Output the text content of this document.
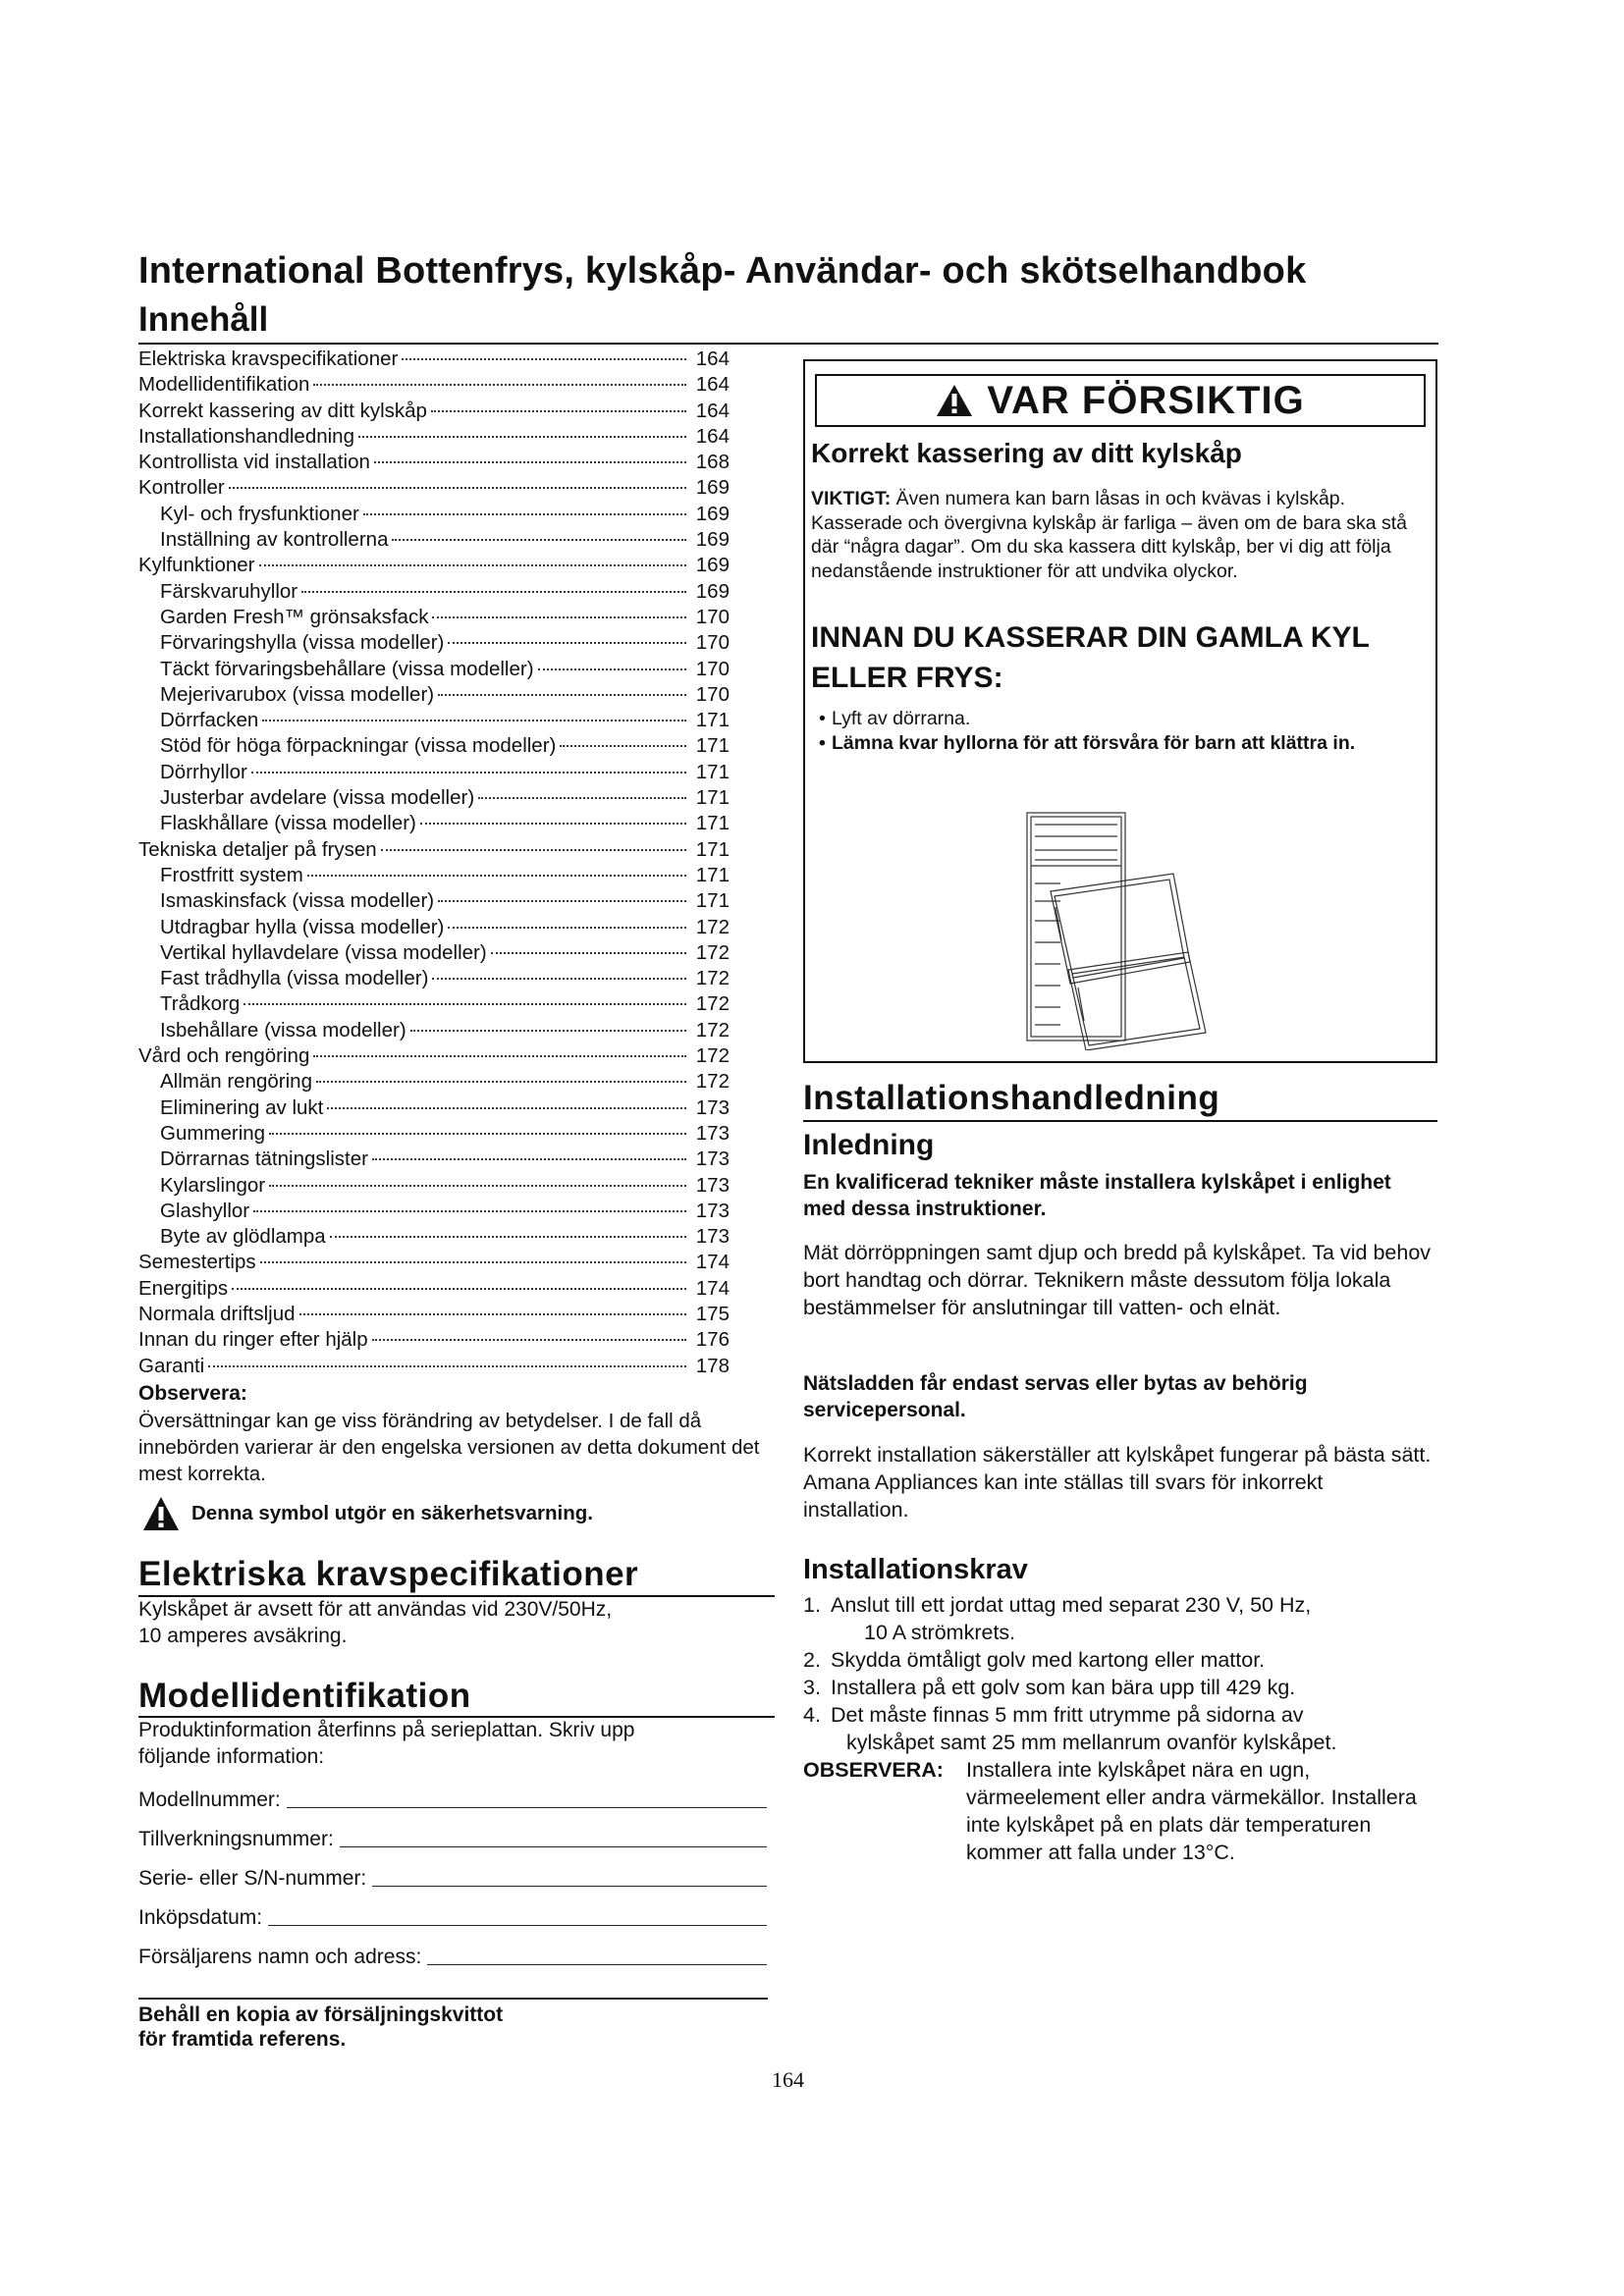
International Bottenfrys, kylskåp- Användar- och skötselhandbok
Innehåll
Elektriska kravspecifikationer	164
Modellidentifikation	164
Korrekt kassering av ditt kylskåp	164
Installationshandledning	164
Kontrollista vid installation	168
Kontroller	169
Kyl- och frysfunktioner	169
Inställning av kontrollerna	169
Kylfunktioner	169
Färskvaruhyllor	169
Garden Fresh™ grönsaksfack	170
Förvaringshylla (vissa modeller)	170
Täckt förvaringsbehållare (vissa modeller)	170
Mejerivarubox (vissa modeller)	170
Dörrfacken	171
Stöd för höga förpackningar (vissa modeller)	171
Dörrhyllor	171
Justerbar avdelare (vissa modeller)	171
Flaskhållare (vissa modeller)	171
Tekniska detaljer på frysen	171
Frostfritt system	171
Ismaskinsfack (vissa modeller)	171
Utdragbar hylla (vissa modeller)	172
Vertikal hyllavdelare (vissa modeller)	172
Fast trådhylla (vissa modeller)	172
Trådkorg	172
Isbehållare (vissa modeller)	172
Vård och rengöring	172
Allmän rengöring	172
Eliminering av lukt	173
Gummering	173
Dörrarnas tätningslister	173
Kylarslingor	173
Glashyllor	173
Byte av glödlampa	173
Semestertips	174
Energitips	174
Normala driftsljud	175
Innan du ringer efter hjälp	176
Garanti	178
Observera:
Översättningar kan ge viss förändring av betydelser. I de fall då innebörden varierar är den engelska versionen av detta dokument det mest korrekta.
Denna symbol utgör en säkerhetsvarning.
Elektriska kravspecifikationer
Kylskåpet är avsett för att användas vid 230V/50Hz,
10 amperes avsäkring.
Modellidentifikation
Produktinformation återfinns på serieplattan. Skriv upp
följande information:
Modellnummer:
Tillverkningsnummer:
Serie- eller S/N-nummer:
Inköpsdatum:
Försäljarens namn och adress:
Behåll en kopia av försäljningskvittot
för framtida referens.
164
VAR FÖRSIKTIG
Korrekt kassering av ditt kylskåp
VIKTIGT: Även numera kan barn låsas in och kvävas i kylskåp. Kasserade och övergivna kylskåp är farliga – även om de bara ska stå där “några dagar”. Om du ska kassera ditt kylskåp, ber vi dig att följa nedanstående instruktioner för att undvika olyckor.
INNAN DU KASSERAR DIN GAMLA KYL ELLER FRYS:
• Lyft av dörrarna.
• Lämna kvar hyllorna för att försvåra för barn att klättra in.
Installationshandledning
Inledning
En kvalificerad tekniker måste installera kylskåpet i enlighet med dessa instruktioner.
Mät dörröppningen samt djup och bredd på kylskåpet. Ta vid behov bort handtag och dörrar. Teknikern måste dessutom följa lokala bestämmelser för anslutningar till vatten- och elnät.
Nätsladden får endast servas eller bytas av behörig servicepersonal.
Korrekt installation säkerställer att kylskåpet fungerar på bästa sätt. Amana Appliances kan inte ställas till svars för inkorrekt installation.
Installationskrav
1. Anslut till ett jordat uttag med separat 230 V, 50 Hz,
10 A strömkrets.
2. Skydda ömtåligt golv med kartong eller mattor.
3. Installera på ett golv som kan bära upp till 429 kg.
4. Det måste finnas 5 mm fritt utrymme på sidorna av
kylskåpet samt 25 mm mellanrum ovanför kylskåpet.
OBSERVERA:	Installera inte kylskåpet nära en ugn, värmeelement eller andra värmekällor. Installera inte kylskåpet på en plats där temperaturen kommer att falla under 13°C.
